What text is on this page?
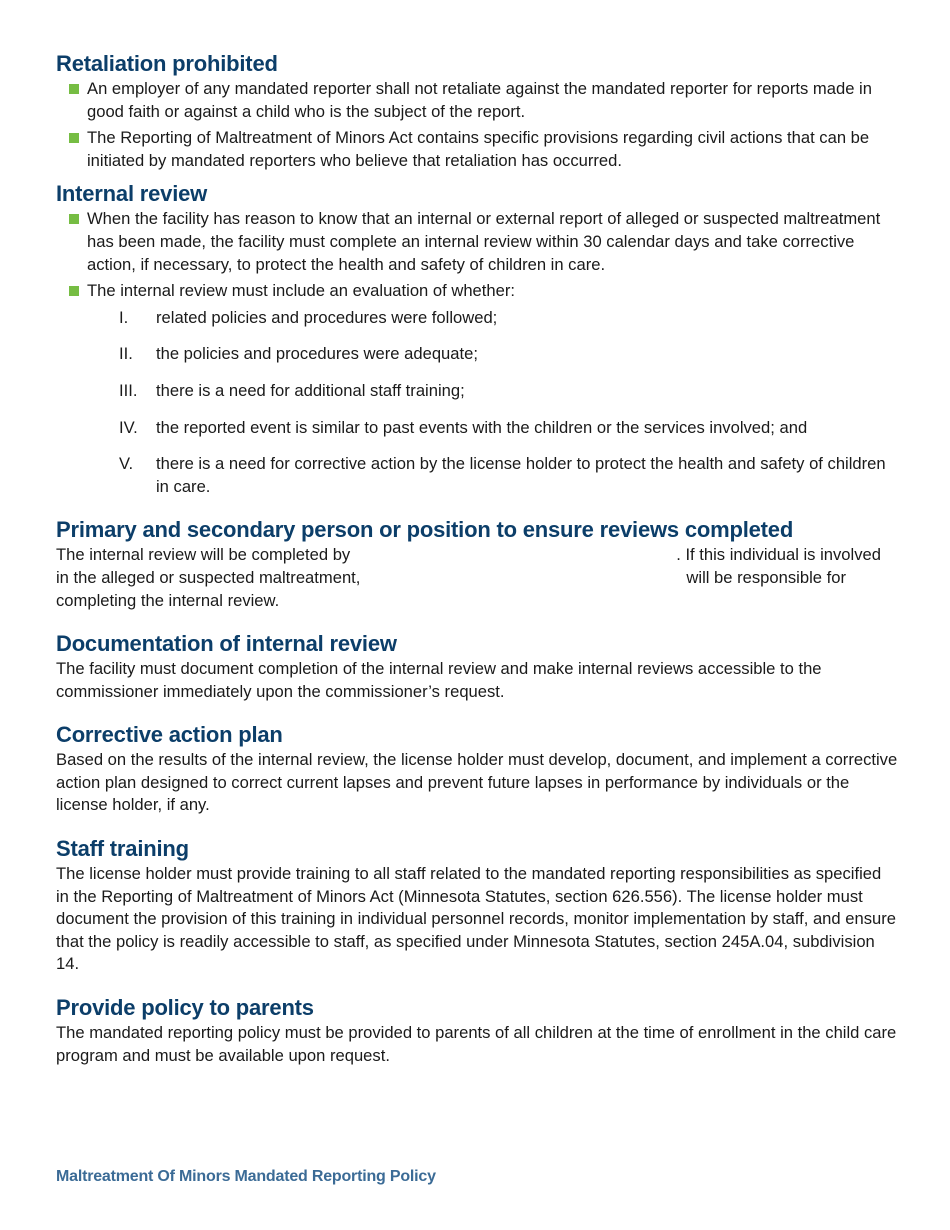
Retaliation prohibited
An employer of any mandated reporter shall not retaliate against the mandated reporter for reports made in good faith or against a child who is the subject of the report.
The Reporting of Maltreatment of Minors Act contains specific provisions regarding civil actions that can be initiated by mandated reporters who believe that retaliation has occurred.
Internal review
When the facility has reason to know that an internal or external report of alleged or suspected maltreatment has been made, the facility must complete an internal review within 30 calendar days and take corrective action, if necessary, to protect the health and safety of children in care.
The internal review must include an evaluation of whether:
I. related policies and procedures were followed;
II. the policies and procedures were adequate;
III. there is a need for additional staff training;
IV. the reported event is similar to past events with the children or the services involved; and
V. there is a need for corrective action by the license holder to protect the health and safety of children in care.
Primary and secondary person or position to ensure reviews completed

The internal review will be completed by	. If this individual is involved in the alleged or suspected maltreatment,	will be responsible for completing the internal review.

Documentation of internal review

The facility must document completion of the internal review and make internal reviews accessible to the commissioner immediately upon the commissioner’s request.

Corrective action plan

Based on the results of the internal review, the license holder must develop, document, and implement a corrective action plan designed to correct current lapses and prevent future lapses in performance by individuals or the license holder, if any.

Staff training

The license holder must provide training to all staff related to the mandated reporting responsibilities as specified in the Reporting of Maltreatment of Minors Act (Minnesota Statutes, section 626.556). The license holder must document the provision of this training in individual personnel records, monitor implementation by staff, and ensure that the policy is readily accessible to staff, as specified under Minnesota Statutes, section 245A.04, subdivision 14.

Provide policy to parents

The mandated reporting policy must be provided to parents of all children at the time of enrollment in the child care program and must be available upon request.

Maltreatment Of Minors Mandated Reporting Policy
